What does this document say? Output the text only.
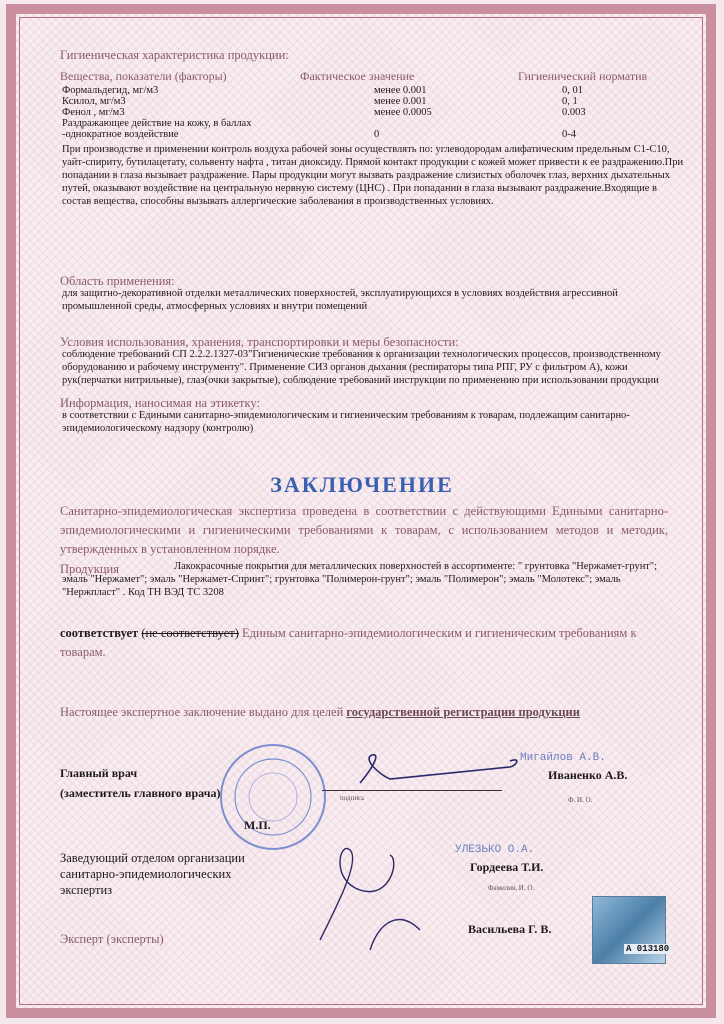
Гигиеническая характеристика продукции:
Вещества, показатели (факторы)	Фактическое значение	Гигиенический норматив
Формальдегид, мг/м3	менее 0.001	0, 01
Ксилол, мг/м3	менее 0.001	0, 1
Фенол , мг/м3	менее 0.0005	0.003
Раздражающее действие на кожу, в баллах
-однократное воздействие	0	0-4
При производстве и применении контроль воздуха рабочей зоны осуществлять по: углеводородам алифатическим предельным С1-С10, уайт-спириту, бутилацетату, сольвенту нафта , титан диоксиду. Прямой контакт продукции с кожей может привести к ее раздражению.При попадании в глаза вызывает раздражение. Пары продукции могут вызвать раздражение слизистых оболочек глаз, верхних дыхательных путей, оказывают воздействие на центральную нервную систему (ЦНС) . При попадании в глаза вызывают раздражение.Входящие в состав вещества, способны вызывать аллергические заболевания в производственных условиях.
Область применения:
для защитно-декоративной отделки металлических поверхностей, эксплуатирующихся в условиях воздействия агрессивной промышленной среды, атмосферных условиях и внутри помещений
Условия использования, хранения, транспортировки и меры безопасности:
соблюдение требований СП 2.2.2.1327-03"Гигиенические требования к организации технологических процессов, производственному оборудованию и рабочему инструменту". Применение СИЗ органов дыхания (респираторы типа РПГ, РУ с фильтром А), кожи рук(перчатки нитрильные), глаз(очки закрытые), соблюдение требований инструкции по применению при использовании продукции
Информация, наносимая на этикетку:
в соответствии с Едиными санитарно-эпидемиологическим и гигиеническим требованиям к товарам, подлежащим санитарно-эпидемиологическому надзору (контролю)
ЗАКЛЮЧЕНИЕ
Санитарно-эпидемиологическая экспертиза проведена в соответствии с действующими Едиными санитарно-эпидемиологическими и гигиеническими требованиями к товарам, с использованием методов и методик, утвержденных в установленном порядке.
Продукция	Лакокрасочные покрытия для металлических поверхностей в ассортименте: " грунтовка "Нержамет-грунт"; эмаль "Нержамет"; эмаль "Нержамет-Спринт"; грунтовка "Полимерон-грунт"; эмаль "Полимерон"; эмаль "Молотекс"; эмаль "Нержпласт" . Код ТН ВЭД ТС 3208
соответствует (не соответствует) Единым санитарно-эпидемиологическим и гигиеническим требованиям к товарам.
Настоящее экспертное заключение выдано для целей государственной регистрации продукции
Главный врач
(заместитель главного врача)
М.П.
подпись
Мигайлов А.В.
Иваненко А.В.
Ф. И. О.
Заведующий отделом организации санитарно-эпидемиологических экспертиз
УЛЕЗЬКО О.А.
Гордеева Т.И.
Фамилия, И. О.
Эксперт (эксперты)
Васильева Г. В.
А 013180
